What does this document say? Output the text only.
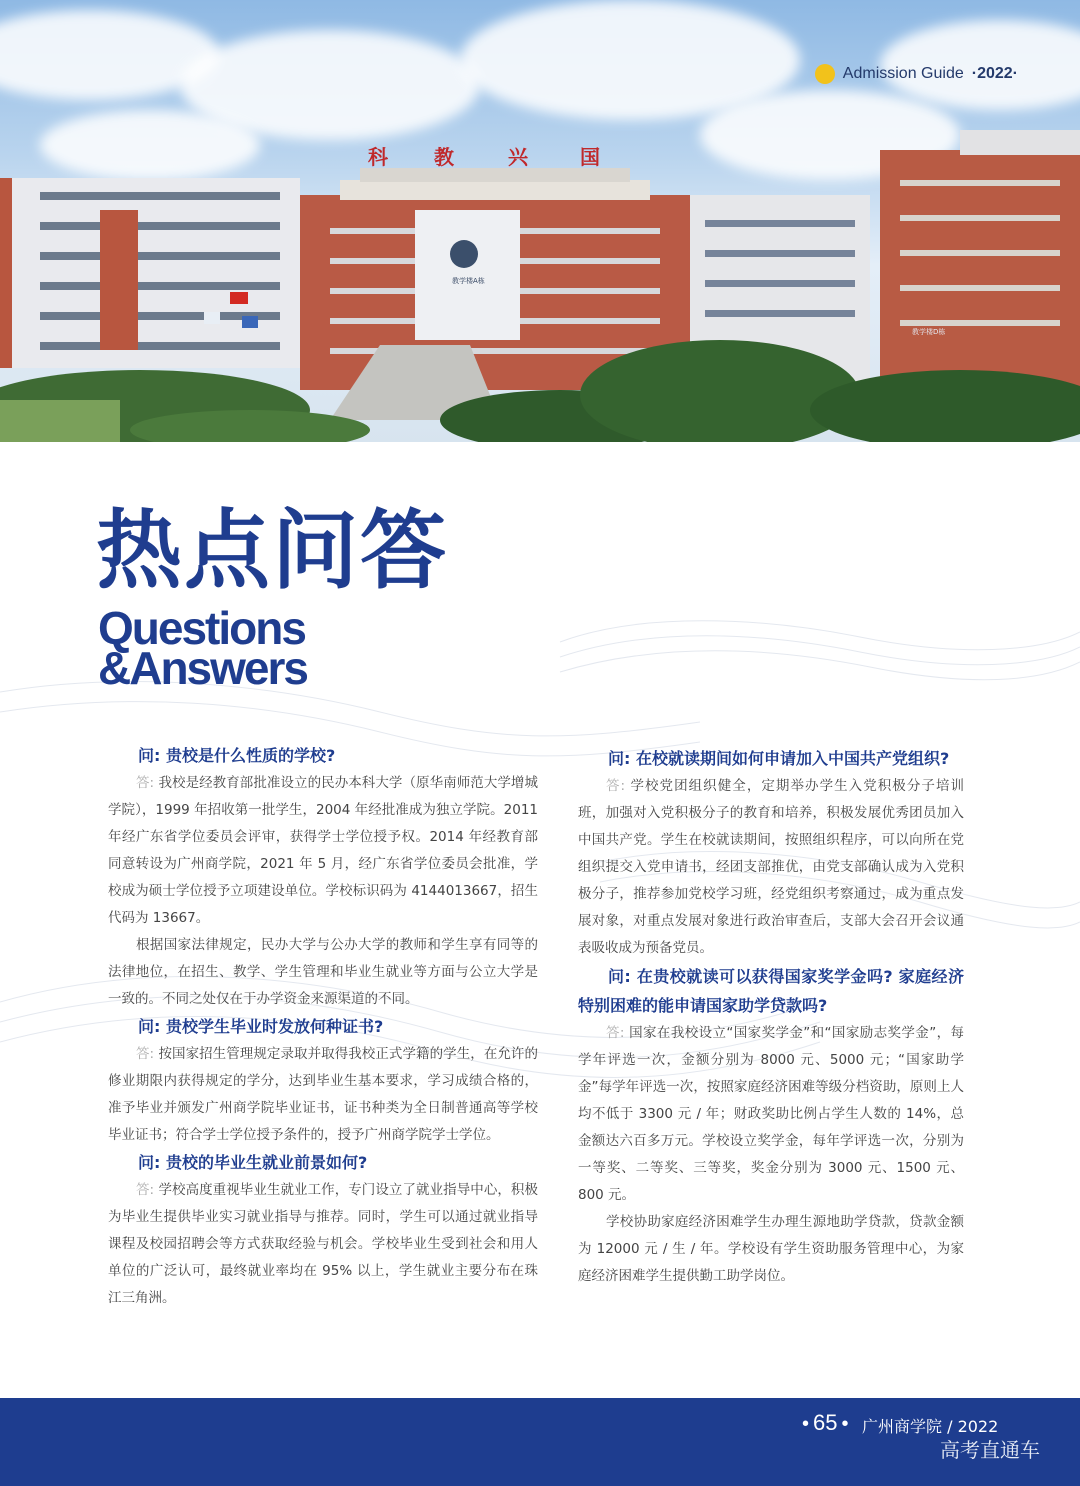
科 教	兴	国
教学楼A栋
教学楼D栋
Admission Guide ·2022·
热点问答
Questions
&Answers

问: 贵校是什么性质的学校?

答: 我校是经教育部批准设立的民办本科大学（原华南师范大学增城学院），1999 年招收第一批学生，2004 年经批准成为独立学院。2011 年经广东省学位委员会评审，获得学士学位授予权。2014 年经教育部同意转设为广州商学院，2021 年 5 月，经广东省学位委员会批准，学校成为硕士学位授予立项建设单位。学校标识码为 4144013667，招生代码为 13667。

根据国家法律规定，民办大学与公办大学的教师和学生享有同等的法律地位，在招生、教学、学生管理和毕业生就业等方面与公立大学是一致的。不同之处仅在于办学资金来源渠道的不同。

问: 贵校学生毕业时发放何种证书?

答: 按国家招生管理规定录取并取得我校正式学籍的学生，在允许的修业期限内获得规定的学分，达到毕业生基本要求，学习成绩合格的，准予毕业并颁发广州商学院毕业证书，证书种类为全日制普通高等学校毕业证书；符合学士学位授予条件的，授予广州商学院学士学位。

问: 贵校的毕业生就业前景如何?

答: 学校高度重视毕业生就业工作，专门设立了就业指导中心，积极为毕业生提供毕业实习就业指导与推荐。同时，学生可以通过就业指导课程及校园招聘会等方式获取经验与机会。学校毕业生受到社会和用人单位的广泛认可，最终就业率均在 95% 以上，学生就业主要分布在珠江三角洲。

问: 在校就读期间如何申请加入中国共产党组织?

答: 学校党团组织健全，定期举办学生入党积极分子培训班，加强对入党积极分子的教育和培养，积极发展优秀团员加入中国共产党。学生在校就读期间，按照组织程序，可以向所在党组织提交入党申请书，经团支部推优，由党支部确认成为入党积极分子，推荐参加党校学习班，经党组织考察通过，成为重点发展对象，对重点发展对象进行政治审查后，支部大会召开会议通表吸收成为预备党员。

问: 在贵校就读可以获得国家奖学金吗? 家庭经济特别困难的能申请国家助学贷款吗?

答: 国家在我校设立“国家奖学金”和“国家励志奖学金”，每学年评选一次，金额分别为 8000 元、5000 元；“国家助学金”每学年评选一次，按照家庭经济困难等级分档资助，原则上人均不低于 3300 元 / 年；财政奖助比例占学生人数的 14%，总金额达六百多万元。学校设立奖学金，每年学评选一次，分别为一等奖、二等奖、三等奖，奖金分别为 3000 元、1500 元、800 元。

学校协助家庭经济困难学生办理生源地助学贷款，贷款金额为 12000 元 / 生 / 年。学校设有学生资助服务管理中心，为家庭经济困难学生提供勤工助学岗位。

• 65 • 广州商学院 / 2022
高考直通车
